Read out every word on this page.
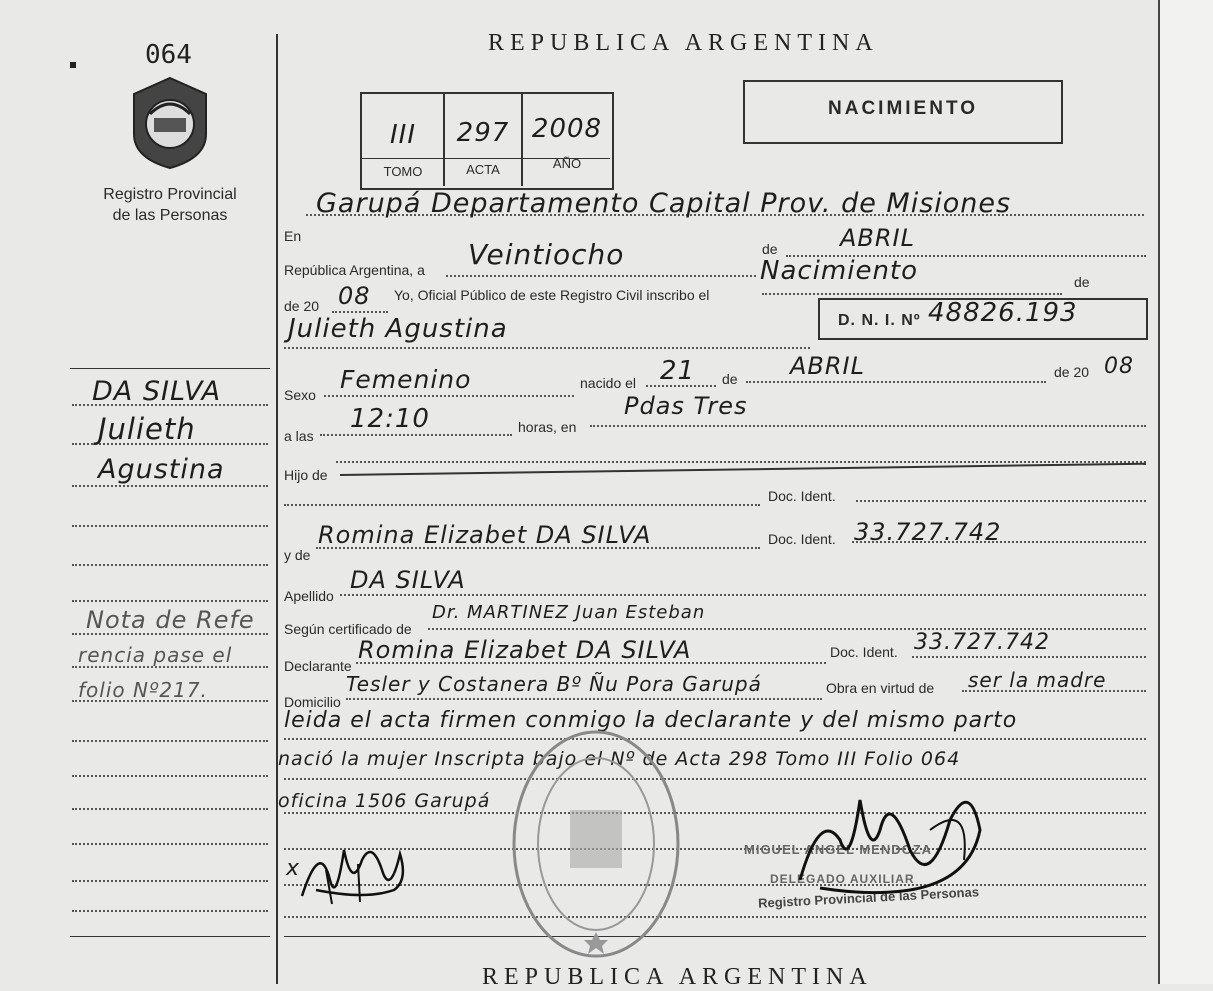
064
Registro Provincial
de las Personas
DA SILVA
Julieth
Agustina
Nota de Refe
rencia pase el
folio Nº217.
x
REPUBLICA ARGENTINA
III	297 2008
TOMO	ACTA	AÑO
NACIMIENTO
En
Garupá Departamento Capital Prov. de Misiones
República Argentina, a Veintiocho	de	ABRIL
de 20 08 Yo, Oficial Público de este Registro Civil inscribo el
Nacimiento	de
Julieth Agustina	D. N. I. Nº 48826.193
Sexo
Femenino	nacido el 21 de ABRIL	de 20 08
a las
12:10	horas, en
Pdas Tres
Hijo de
Doc. Ident.
y de
Romina Elizabet DA SILVA	Doc. Ident. 33.727.742
Apellido
DA SILVA
Según certificado de
Dr. MARTINEZ Juan Esteban
Declarante
Romina Elizabet DA SILVA	Doc. Ident. 33.727.742
Domicilio
Tesler y Costanera Bº Ñu Pora Garupá	Obra en virtud de ser la madre
leida el acta firmen conmigo la declarante y del mismo parto
nació la mujer Inscripta bajo el Nº de Acta 298 Tomo III Folio 064
oficina 1506 Garupá
MIGUEL ANGEL MENDOZA
DELEGADO AUXILIAR
Registro Provincial de las Personas
REPUBLICA ARGENTINA
